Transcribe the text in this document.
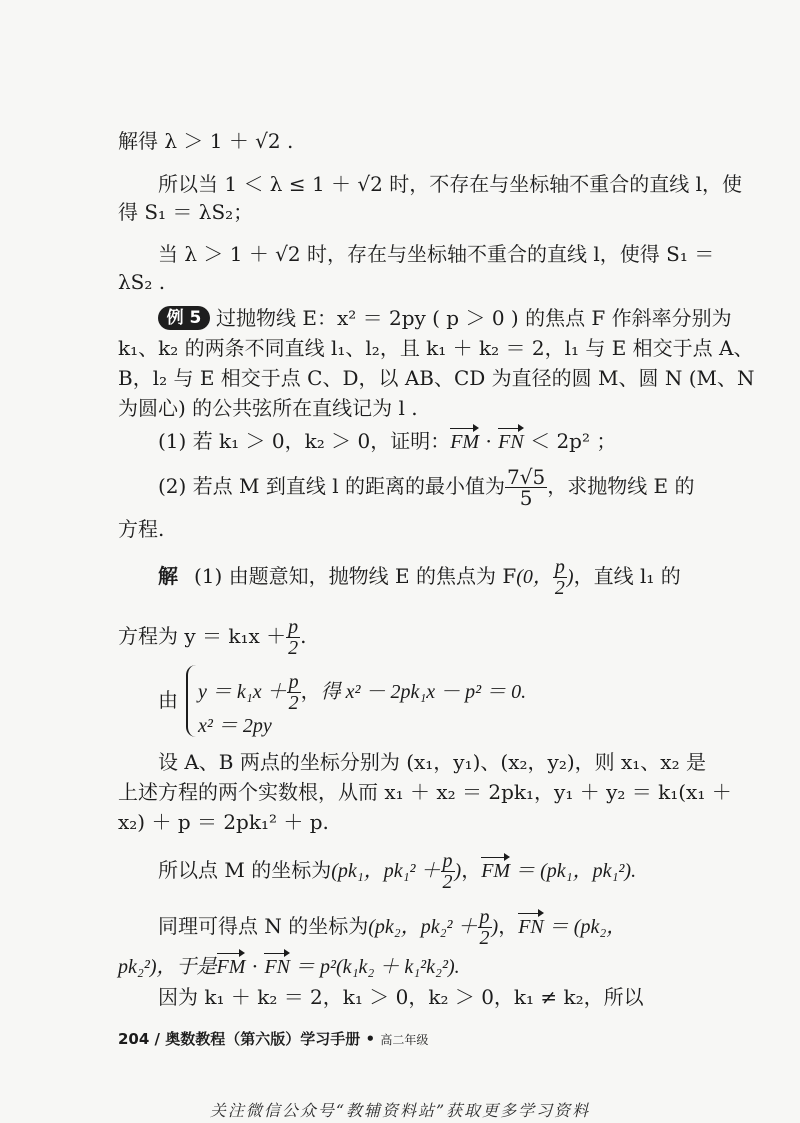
解得 λ ＞ 1 ＋ √2 .
所以当 1 ＜ λ ≤ 1 ＋ √2 时，不存在与坐标轴不重合的直线 l，使
得 S₁ ＝ λS₂；
当 λ ＞ 1 ＋ √2 时，存在与坐标轴不重合的直线 l，使得 S₁ ＝
λS₂ .
例 5 过抛物线 E：x² ＝ 2py ( p ＞ 0 ) 的焦点 F 作斜率分别为
k₁、k₂ 的两条不同直线 l₁、l₂，且 k₁ ＋ k₂ ＝ 2，l₁ 与 E 相交于点 A、
B，l₂ 与 E 相交于点 C、D，以 AB、CD 为直径的圆 M、圆 N (M、N
为圆心) 的公共弦所在直线记为 l .
(1) 若 k₁ ＞ 0，k₂ ＞ 0，证明：FM · FN ＜ 2p² ；
(2) 若点 M 到直线 l 的距离的最小值为 $\frac{7√5}{5}$ ，求抛物线 E 的
方程.
解 (1) 由题意知，抛物线 E 的焦点为 F(0， $\frac{p}{2}$ )，直线 l₁ 的
方程为 $y = k_1x + \frac{p}{2}$ .
由	$y = k_1x + \frac{p}{2}$ ，得 x² － 2pk₁x － p² ＝ 0.
x² ＝ 2py
设 A、B 两点的坐标分别为 (x₁，y₁)、(x₂，y₂)，则 x₁、x₂ 是
上述方程的两个实数根，从而 x₁ ＋ x₂ ＝ 2pk₁，y₁ ＋ y₂ ＝ k₁(x₁ ＋
x₂) ＋ p ＝ 2pk₁² ＋ p.
所以点 M 的坐标为(pk₁，$pk_1^2 + \frac{p}{2}$ )，FM ＝ (pk₁，pk₁²).
同理可得点 N 的坐标为(pk₂，$pk_2^2 + \frac{p}{2}$ )，FN ＝ (pk₂，
pk₂²)，于是FM · FN ＝ p²(k₁k₂ ＋ k₁²k₂²).
因为 k₁ ＋ k₂ ＝ 2，k₁ ＞ 0，k₂ ＞ 0，k₁ ≠ k₂，所以
204 / 奥数教程（第六版）学习手册 • 高二年级
关注微信公众号“教辅资料站”获取更多学习资料
